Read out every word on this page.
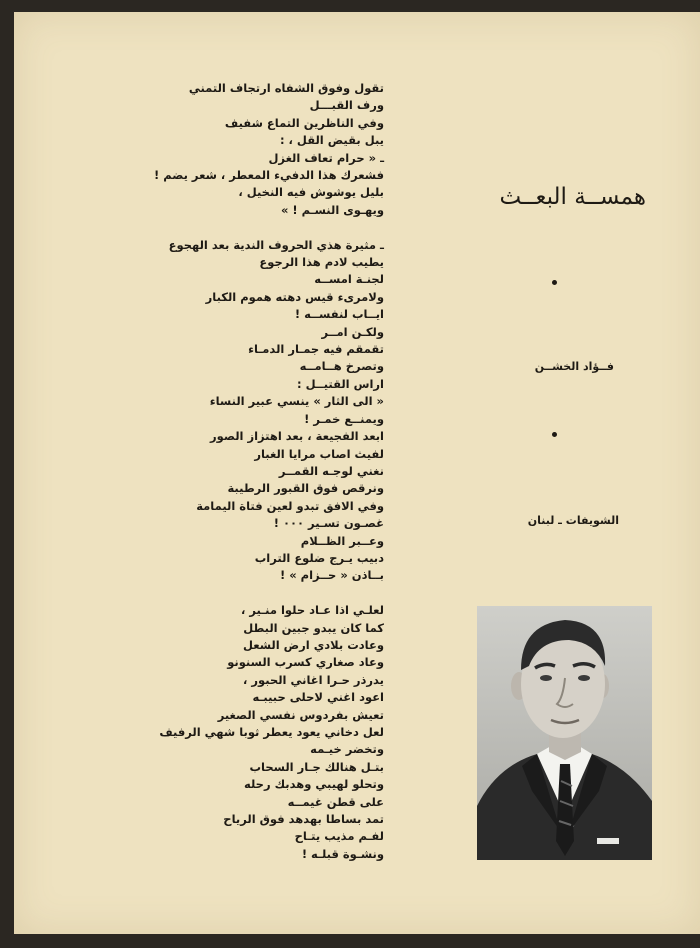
تقول وفوق الشفاه ارتجاف التمني
ورف القبـــل
وفي الناظرين التماع شفيف
يبل بقيض القل ، :
ـ « حرام تعاف الغزل
فشعرك هذا الدفيء المعطر ، شعر يضم !
بليل يوشوش فيه النخيل ،
ويهـوى النسـم ! »
ـ مثيرة هذي الحروف الندية بعد الهجوع
يطيب لادم هذا الرجوع
لجنـة امســه
ولامرىء قيس دهته هموم الكبار
ايــاب لنفســه !
ولكـن امــر
تقمقم فيه جمـار الدمـاء
وتصرخ هــامــه
اراس القتيــل :
« الى الثار » ينسي عبير النساء
ويمنــع خمـر !
ابعد الفجيعة ، بعد اهتزاز الصور
لفيث اصاب مرايا الغبار
نغني لوجـه القمــر
ونرقص فوق القبور الرطيبة
وفي الافق تبدو لعين فتاة اليمامة
غصـون تسـير ٠٠٠ !
وعــبر الظــلام
دبيب يـرج ضلوع التراب
بــاذن « حــزام » !
لعلـي اذا عـاد حلوا منـير ،
كما كان يبدو جبين البطل
وعادت بلادي ارض الشعل
وعاد صغاري كسرب السنونو
يدرذر حـرا اغاني الحبور ،
اعود اغني لاحلى حبيبـه
تعيش بفردوس نفسي الصغير
لعل دخاني يعود يعطر ثوبا شهي الرفيف
وتخضر خيـمه
بتـل هنالك جـار السحاب
وتحلو لهيبي وهدبك رحله
على قطن غيمــه
تمد بساطا بهدهد فوق الرياح
لفـم مذيب يتـاح
ونشـوة قبلـه !
همســة البعــث
فــؤاد الخشــن
الشويفات ـ لبنان
